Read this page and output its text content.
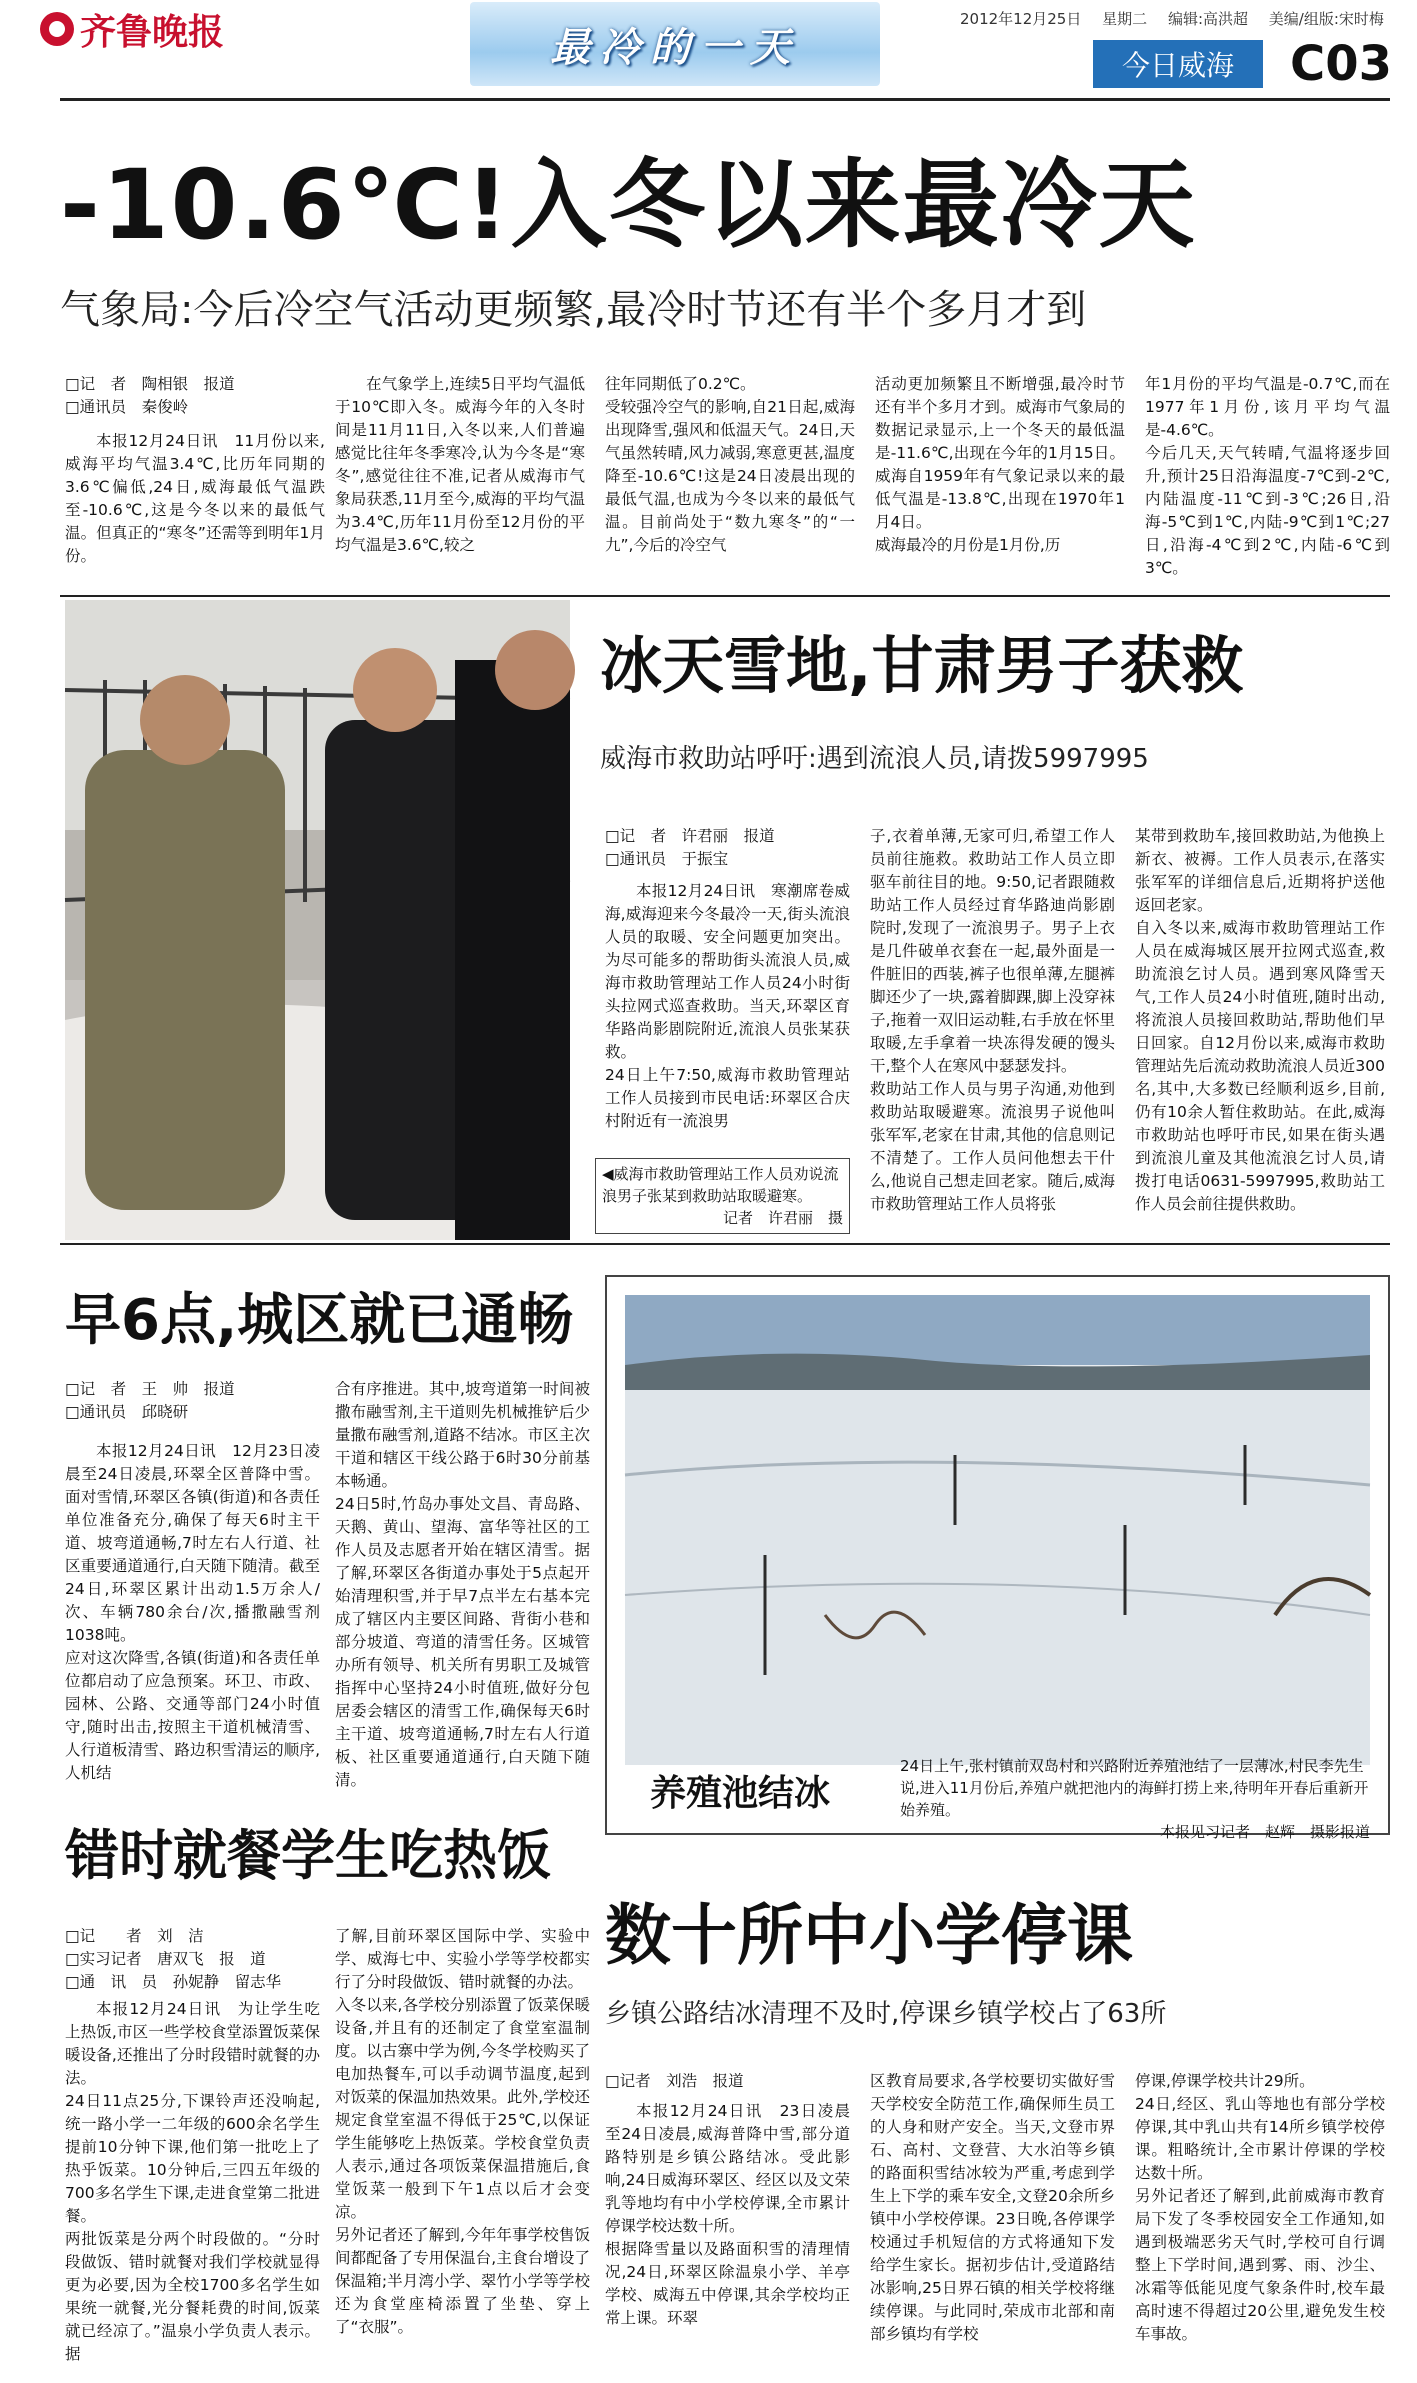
齐鲁晚报	最冷的一天
2012年12月25日 星期二 编辑:高洪超 美编/组版:宋时梅
今日威海	C03
-10.6℃!入冬以来最冷天
气象局:今后冷空气活动更频繁,最冷时节还有半个多月才到
□记　者　陶相银　报道
□通讯员　秦俊岭
本报12月24日讯　11月份以来,威海平均气温3.4℃,比历年同期的3.6℃偏低,24日,威海最低气温跌至-10.6℃,这是今冬以来的最低气温。但真正的“寒冬”还需等到明年1月份。
在气象学上,连续5日平均气温低于10℃即入冬。威海今年的入冬时间是11月11日,入冬以来,人们普遍感觉比往年冬季寒冷,认为今冬是“寒冬”,感觉往往不准,记者从威海市气象局获悉,11月至今,威海的平均气温为3.4℃,历年11月份至12月份的平均气温是3.6℃,较之
往年同期低了0.2℃。
受较强冷空气的影响,自21日起,威海出现降雪,强风和低温天气。24日,天气虽然转晴,风力减弱,寒意更甚,温度降至-10.6℃!这是24日凌晨出现的最低气温,也成为今冬以来的最低气温。目前尚处于“数九寒冬”的“一九”,今后的冷空气
活动更加频繁且不断增强,最冷时节还有半个多月才到。威海市气象局的数据记录显示,上一个冬天的最低温是-11.6℃,出现在今年的1月15日。威海自1959年有气象记录以来的最低气温是-13.8℃,出现在1970年1月4日。
威海最冷的月份是1月份,历
年1月份的平均气温是-0.7℃,而在1977年1月份,该月平均气温是-4.6℃。
今后几天,天气转晴,气温将逐步回升,预计25日沿海温度-7℃到-2℃,内陆温度-11℃到-3℃;26日,沿海-5℃到1℃,内陆-9℃到1℃;27日,沿海-4℃到2℃,内陆-6℃到3℃。
冰天雪地,甘肃男子获救
威海市救助站呼吁:遇到流浪人员,请拨5997995
□记　者　许君丽　报道
□通讯员　于振宝
本报12月24日讯　寒潮席卷威海,威海迎来今冬最冷一天,街头流浪人员的取暖、安全问题更加突出。为尽可能多的帮助街头流浪人员,威海市救助管理站工作人员24小时街头拉网式巡查救助。当天,环翠区育华路尚影剧院附近,流浪人员张某获救。
24日上午7:50,威海市救助管理站工作人员接到市民电话:环翠区合庆村附近有一流浪男
◀威海市救助管理站工作人员劝说流浪男子张某到救助站取暖避寒。
记者　许君丽　摄
子,衣着单薄,无家可归,希望工作人员前往施救。救助站工作人员立即驱车前往目的地。9:50,记者跟随救助站工作人员经过育华路迪尚影剧院时,发现了一流浪男子。男子上衣是几件破单衣套在一起,最外面是一件脏旧的西装,裤子也很单薄,左腿裤脚还少了一块,露着脚踝,脚上没穿袜子,拖着一双旧运动鞋,右手放在怀里取暖,左手拿着一块冻得发硬的馒头干,整个人在寒风中瑟瑟发抖。
救助站工作人员与男子沟通,劝他到救助站取暖避寒。流浪男子说他叫张军军,老家在甘肃,其他的信息则记不清楚了。工作人员问他想去干什么,他说自己想走回老家。随后,威海市救助管理站工作人员将张
某带到救助车,接回救助站,为他换上新衣、被褥。工作人员表示,在落实张军军的详细信息后,近期将护送他返回老家。
自入冬以来,威海市救助管理站工作人员在威海城区展开拉网式巡查,救助流浪乞讨人员。遇到寒风降雪天气,工作人员24小时值班,随时出动,将流浪人员接回救助站,帮助他们早日回家。自12月份以来,威海市救助管理站先后流动救助流浪人员近300名,其中,大多数已经顺利返乡,目前,仍有10余人暂住救助站。在此,威海市救助站也呼吁市民,如果在街头遇到流浪儿童及其他流浪乞讨人员,请拨打电话0631-5997995,救助站工作人员会前往提供救助。
早6点,城区就已通畅
□记　者　王　帅　报道
□通讯员　邱晓研
本报12月24日讯　12月23日凌晨至24日凌晨,环翠全区普降中雪。面对雪情,环翠区各镇(街道)和各责任单位准备充分,确保了每天6时主干道、坡弯道通畅,7时左右人行道、社区重要通道通行,白天随下随清。截至24日,环翠区累计出动1.5万余人/次、车辆780余台/次,播撒融雪剂1038吨。
应对这次降雪,各镇(街道)和各责任单位都启动了应急预案。环卫、市政、园林、公路、交通等部门24小时值守,随时出击,按照主干道机械清雪、人行道板清雪、路边积雪清运的顺序,人机结
合有序推进。其中,坡弯道第一时间被撒布融雪剂,主干道则先机械推铲后少量撒布融雪剂,道路不结冰。市区主次干道和辖区干线公路于6时30分前基本畅通。
24日5时,竹岛办事处文昌、青岛路、天鹅、黄山、望海、富华等社区的工作人员及志愿者开始在辖区清雪。据了解,环翠区各街道办事处于5点起开始清理积雪,并于早7点半左右基本完成了辖区内主要区间路、背街小巷和部分坡道、弯道的清雪任务。区城管办所有领导、机关所有男职工及城管指挥中心坚持24小时值班,做好分包居委会辖区的清雪工作,确保每天6时主干道、坡弯道通畅,7时左右人行道板、社区重要通道通行,白天随下随清。	养殖池结冰
24日上午,张村镇前双岛村和兴路附近养殖池结了一层薄冰,村民李先生说,进入11月份后,养殖户就把池内的海鲜打捞上来,待明年开春后重新开始养殖。
本报见习记者　赵辉　摄影报道
错时就餐学生吃热饭
□记　　者　刘　洁
□实习记者　唐双飞　报　道
□通　讯　员　孙妮静　留志华
本报12月24日讯　为让学生吃上热饭,市区一些学校食堂添置饭菜保暖设备,还推出了分时段错时就餐的办法。
24日11点25分,下课铃声还没响起,统一路小学一二年级的600余名学生提前10分钟下课,他们第一批吃上了热乎饭菜。10分钟后,三四五年级的700多名学生下课,走进食堂第二批进餐。
两批饭菜是分两个时段做的。“分时段做饭、错时就餐对我们学校就显得更为必要,因为全校1700多名学生如果统一就餐,光分餐耗费的时间,饭菜就已经凉了。”温泉小学负责人表示。据
了解,目前环翠区国际中学、实验中学、威海七中、实验小学等学校都实行了分时段做饭、错时就餐的办法。
入冬以来,各学校分别添置了饭菜保暖设备,并且有的还制定了食堂室温制度。以古寨中学为例,今冬学校购买了电加热餐车,可以手动调节温度,起到对饭菜的保温加热效果。此外,学校还规定食堂室温不得低于25℃,以保证学生能够吃上热饭菜。学校食堂负责人表示,通过各项饭菜保温措施后,食堂饭菜一般到下午1点以后才会变凉。
另外记者还了解到,今年年事学校售饭间都配备了专用保温台,主食台增设了保温箱;半月湾小学、翠竹小学等学校还为食堂座椅添置了坐垫、穿上了“衣服”。
数十所中小学停课
乡镇公路结冰清理不及时,停课乡镇学校占了63所
□记者　刘浩　报道
本报12月24日讯　23日凌晨至24日凌晨,威海普降中雪,部分道路特别是乡镇公路结冰。受此影响,24日威海环翠区、经区以及文荣乳等地均有中小学校停课,全市累计停课学校达数十所。
根据降雪量以及路面积雪的清理情况,24日,环翠区除温泉小学、羊亭学校、威海五中停课,其余学校均正常上课。环翠
区教育局要求,各学校要切实做好雪天学校安全防范工作,确保师生员工的人身和财产安全。当天,文登市界石、高村、文登营、大水泊等乡镇的路面积雪结冰较为严重,考虑到学生上下学的乘车安全,文登20余所乡镇中小学校停课。23日晚,各停课学校通过手机短信的方式将通知下发给学生家长。据初步估计,受道路结冰影响,25日界石镇的相关学校将继续停课。与此同时,荣成市北部和南部乡镇均有学校
停课,停课学校共计29所。
24日,经区、乳山等地也有部分学校停课,其中乳山共有14所乡镇学校停课。粗略统计,全市累计停课的学校达数十所。
另外记者还了解到,此前威海市教育局下发了冬季校园安全工作通知,如遇到极端恶劣天气时,学校可自行调整上下学时间,遇到雾、雨、沙尘、冰霜等低能见度气象条件时,校车最高时速不得超过20公里,避免发生校车事故。
